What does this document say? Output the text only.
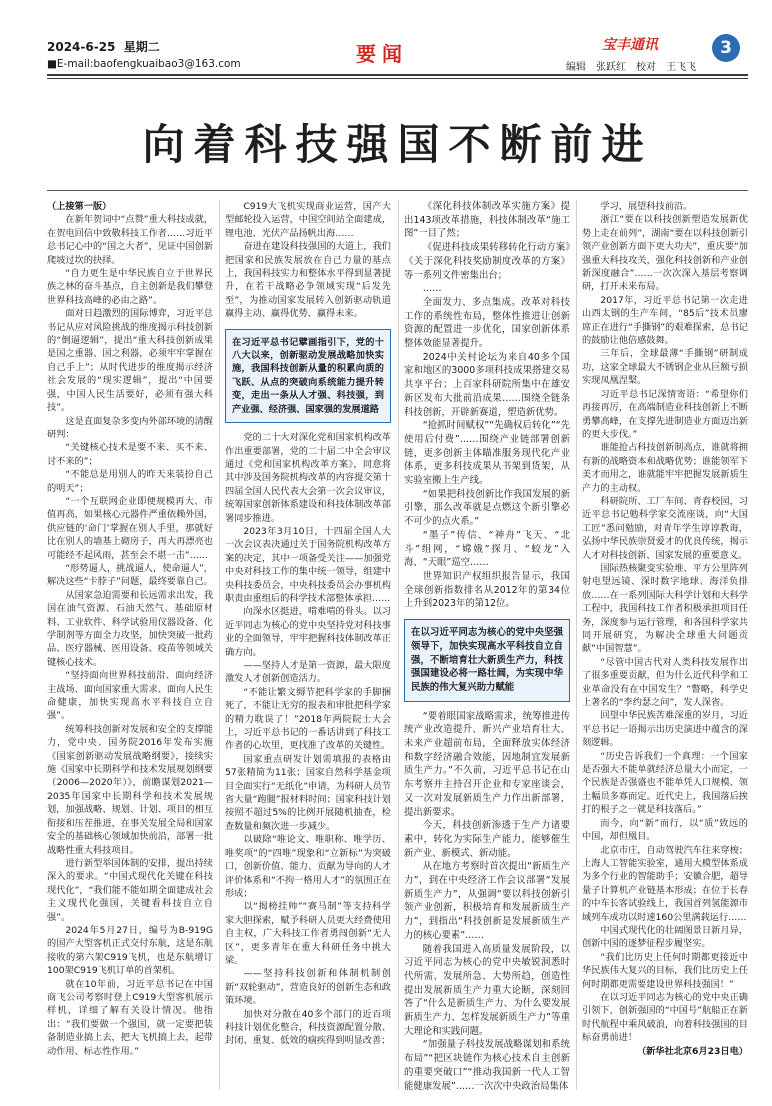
2024-6-25 星期二
■E-mail:baofengkuaibao3@163.com	要闻	宝丰通讯
编辑　张跃红　校对　王飞飞
3
向着科技强国不断前进

（上接第一版）

在新年贺词中“点赞”重大科技成就，在贺电回信中致敬科技工作者……习近平总书记心中的“国之大者”，见证中国创新爬坡过坎的抉择。

“自力更生是中华民族自立于世界民族之林的奋斗基点，自主创新是我们攀登世界科技高峰的必由之路”。

面对日趋激烈的国际博弈，习近平总书记从应对风险挑战的维度揭示科技创新的“倒逼逻辑”，提出“重大科技创新成果是国之重器、国之利器，必须牢牢掌握在自己手上”；从时代进步的维度揭示经济社会发展的“现实逻辑”，提出“中国要强，中国人民生活要好，必须有强大科技”。

这是直面复杂多变内外部环境的清醒研判：

“关键核心技术是要不来、买不来、讨不来的”；

“不能总是用别人的昨天来装扮自己的明天”；

“一个互联网企业即便规模再大、市值再高，如果核心元器件严重依赖外国，供应链的‘命门’掌握在别人手里，那就好比在别人的墙基上砌房子，再大再漂亮也可能经不起风雨，甚至会不堪一击”……

“形势逼人，挑战逼人，使命逼人”，解决这些“卡脖子”问题，最终要靠自己。

从国家急迫需要和长远需求出发，我国在油气资源、石油天然气、基础原材料、工业软件、科学试验用仪器设备、化学制剂等方面全力攻坚，加快突破一批药品、医疗器械、医用设备、疫苗等领域关键核心技术。

“坚持面向世界科技前沿、面向经济主战场、面向国家重大需求、面向人民生命健康，加快实现高水平科技自立自强”。

统筹科技创新对发展和安全的支撑能力，党中央、国务院2016年发布实施《国家创新驱动发展战略纲要》，接续实施《国家中长期科学和技术发展规划纲要（2006—2020年）》，前瞻谋划2021—2035年国家中长期科学和技术发展规划，加强战略、规划、计划、项目的相互衔接和压茬推进，在事关发展全局和国家安全的基础核心领域加快前沿，部署一批战略性重大科技项目。

进行新型举国体制的安排，提出持续深入的要求。“中国式现代化关键在科技现代化”，“我们能不能如期全面建成社会主义现代化强国，关键看科技自立自强”。

2024年5月27日，编号为B-919G的国产大型客机正式交付东航，这是东航接收的第六架C919飞机，也是东航增订100架C919飞机订单的首架机。

就在10年前，习近平总书记在中国商飞公司考察时登上C919大型客机展示样机，详细了解有关设计情况。他指出：“我们要做一个强国，就一定要把装备制造业搞上去，把大飞机搞上去，起带动作用、标志性作用。”

C919大飞机实现商业运营，国产大型邮轮投入运营，中国空间站全面建成，锂电池、光伏产品扬帆出海……

奋进在建设科技强国的大道上，我们把国家和民族发展放在自己力量的基点上，我国科技实力和整体水平得到显著提升，在若干战略必争领域实现“后发先至”，为推动国家发展转入创新驱动轨道赢得主动、赢得优势、赢得未来。

在习近平总书记擘画指引下，党的十八大以来，创新驱动发展战略加快实施，我国科技创新从量的积累向质的飞跃、从点的突破向系统能力提升转变，走出一条从人才强、科技强，到产业强、经济强、国家强的发展道路

党的二十大对深化党和国家机构改革作出重要部署，党的二十届二中全会审议通过《党和国家机构改革方案》，同意将其中涉及国务院机构改革的内容提交第十四届全国人民代表大会第一次会议审议，统筹国家创新体系建设和科技体制改革部署同步推进。

2023年3月10日，十四届全国人大一次会议表决通过关于国务院机构改革方案的决定，其中一项备受关注——加强党中央对科技工作的集中统一领导，组建中央科技委员会，中央科技委员会办事机构职责由重组后的科学技术部整体承担……

向深水区挺进，啃难啃的骨头。以习近平同志为核心的党中央坚持党对科技事业的全面领导，牢牢把握科技体制改革正确方向。

——坚持人才是第一资源，最大限度激发人才创新创造活力。

“不能让繁文缛节把科学家的手脚捆死了，不能让无穷的报表和审批把科学家的精力耽误了！”2018年两院院士大会上，习近平总书记的一番话讲到了科技工作者的心坎里，更找准了改革的关键性。

国家重点研发计划需填报的表格由57张精简为11张；国家自然科学基金项目全面实行“无纸化”申请，为科研人员节省大量“跑腿”报材料时间；国家科技计划按照不超过5%的比例开展随机抽查，检查数量和频次进一步减少。

以破除“唯论文、唯职称、唯学历、唯奖项”的“四唯”现象和“立新标”为突破口，创新价值、能力、贡献为导向的人才评价体系和“不拘一格用人才”的氛围正在形成；

以“揭榜挂帅”“赛马制”等支持科学家大胆探索，赋予科研人员更大经费使用自主权，广大科技工作者勇闯创新“无人区”，更多青年在重大科研任务中挑大梁。

——坚持科技创新和体制机制创新“双轮驱动”，营造良好的创新生态和政策环境。

加快对分散在40多个部门的近百项科技计划优化整合，科技资源配置分散、封闭、重复、低效的痼疾得到明显改善；

《深化科技体制改革实施方案》提出143项改革措施，科技体制改革“施工图”一目了然；

《促进科技成果转移转化行动方案》《关于深化科技奖励制度改革的方案》等一系列文件密集出台；

……

全面发力、多点集成。改革对科技工作的系统性布局，整体性推进让创新资源的配置进一步优化，国家创新体系整体效能显著提升。

2024中关村论坛为来自40多个国家和地区的3000多项科技成果搭建交易共享平台；上百家科研院所集中在雄安新区发布大批前沿成果……围绕全链条科技创新，开辟新赛道，塑造新优势。

“抢抓时间赋权”“先确权后转化”“先使用后付费”……围绕产业链部署创新链，更多创新主体瞄准服务现代化产业体系，更多科技成果从书架到货架，从实验室搬上生产线。

“如果把科技创新比作我国发展的新引擎，那么改革就是点燃这个新引擎必不可少的点火系。”

“墨子”传信、“神舟”飞天、“北斗”组网，“嫦娥”探月、“蛟龙”入海、“天眼”巡空……

世界知识产权组织报告显示，我国全球创新指数排名从2012年的第34位上升到2023年的第12位。

在以习近平同志为核心的党中央坚强领导下，加快实现高水平科技自立自强，不断培育壮大新质生产力，科技强国建设必将一路壮阔，为实现中华民族的伟大复兴助力赋能

“要着眼国家战略需求，统筹推进传统产业改造提升、新兴产业培育壮大、未来产业超前布局，全面释放实体经济和数字经济融合效能，因地制宜发展新质生产力。”不久前，习近平总书记在山东考察并主持召开企业和专家座谈会，又一次对发展新质生产力作出新部署，提出新要求。

今天，科技创新渗透于生产力诸要素中，转化为实际生产能力，能够催生新产业、新模式、新动能。

从在地方考察时首次提出“新质生产力”，到在中央经济工作会议部署“发展新质生产力”，从强调“要以科技创新引领产业创新，积极培育和发展新质生产力”，到指出“科技创新是发展新质生产力的核心要素”……

随着我国进入高质量发展阶段，以习近平同志为核心的党中央敏锐洞悉时代所需、发展所急、大势所趋，创造性提出发展新质生产力重大论断，深刻回答了“什么是新质生产力、为什么要发展新质生产力、怎样发展新质生产力”等重大理论和实践问题。

“加强量子科技发展战略谋划和系统布局”“把区块链作为核心技术自主创新的重要突破口”“推动我国新一代人工智能健康发展”……一次次中央政治局集体

学习，展望科技前沿。

浙江“要在以科技创新塑造发展新优势上走在前列”，湖南“要在以科技创新引领产业创新方面下更大功夫”，重庆要“加强重大科技攻关，强化科技创新和产业创新深度融合”……一次次深入基层考察调研，打开未来布局。

2017年，习近平总书记第一次走进山西太钢的生产车间，“85后”技术员廖席正在进行“手撕钢”的艰难探索，总书记的鼓励让他倍感鼓舞。

三年后，全球最薄“手撕钢”研制成功，这家全球最大不锈钢企业从巨额亏损实现凤凰涅槃。

习近平总书记深情寄语：“希望你们再接再厉，在高端制造业科技创新上不断勇攀高峰，在支撑先进制造业方面迈出新的更大步伐。”

谁能抢占科技创新制高点，谁就将拥有新的战略资本和战略优势；谁能领军下美才而用之，谁就能牢牢把握发展新质生产力的主动权。

科研院所、工厂车间、青春校园，习近平总书记勉科学家交流座谈，向“大国工匠”悉问勉励，对青年学生谆谆教诲，弘扬中华民族崇贤爱才的优良传统，揭示人才对科技创新、国家发展的重要意义。

国际热核聚变实验堆、平方公里阵列射电望远镜、深时数字地球、海洋负排放……在一系列国际大科学计划和大科学工程中，我国科技工作者积极承担项目任务，深度参与运行管理，和各国科学家共同开展研究，为解决全球重大问题贡献“中国智慧”。

“尽管中国古代对人类科技发展作出了很多重要贡献，但为什么近代科学和工业革命没有在中国发生？”瞥略，科学史上著名的“李约瑟之问”，发人深省。

回望中华民族苦难深重的岁月，习近平总书记一语揭示出历史演进中蕴含的深刻逻辑。

“历史告诉我们一个真理：一个国家是否强大不能单就经济总量大小而定，一个民族是否强盛也不能单凭人口规模、领土幅员多寡而定。近代史上，我国落后挨打的根子之一就是科技落后。”

而今，向“新”而行，以“质”致远的中国，却但凰目。

北京市庄，自动驾驶汽车往来穿梭；上海人工智能实验室，通用大模型体系成为多个行业的智能助手；安徽合肥，超导量子计算机产业链基本形成；在位于长春的中车长客试验线上，我国首列氢能源市域列车成功以时速160公里满载运行……

中国式现代化的壮阔图景日新月异，创新中国的逐梦征程步履坚实。

“我们比历史上任何时期都更接近中华民族伟大复兴的目标，我们比历史上任何时期都更需要建设世界科技强国！”

在以习近平同志为核心的党中央正确引领下，创新强国的“中国号”航船正在新时代航程中乘风破浪，向着科技强国的目标奋勇前进！

（新华社北京6月23日电）
